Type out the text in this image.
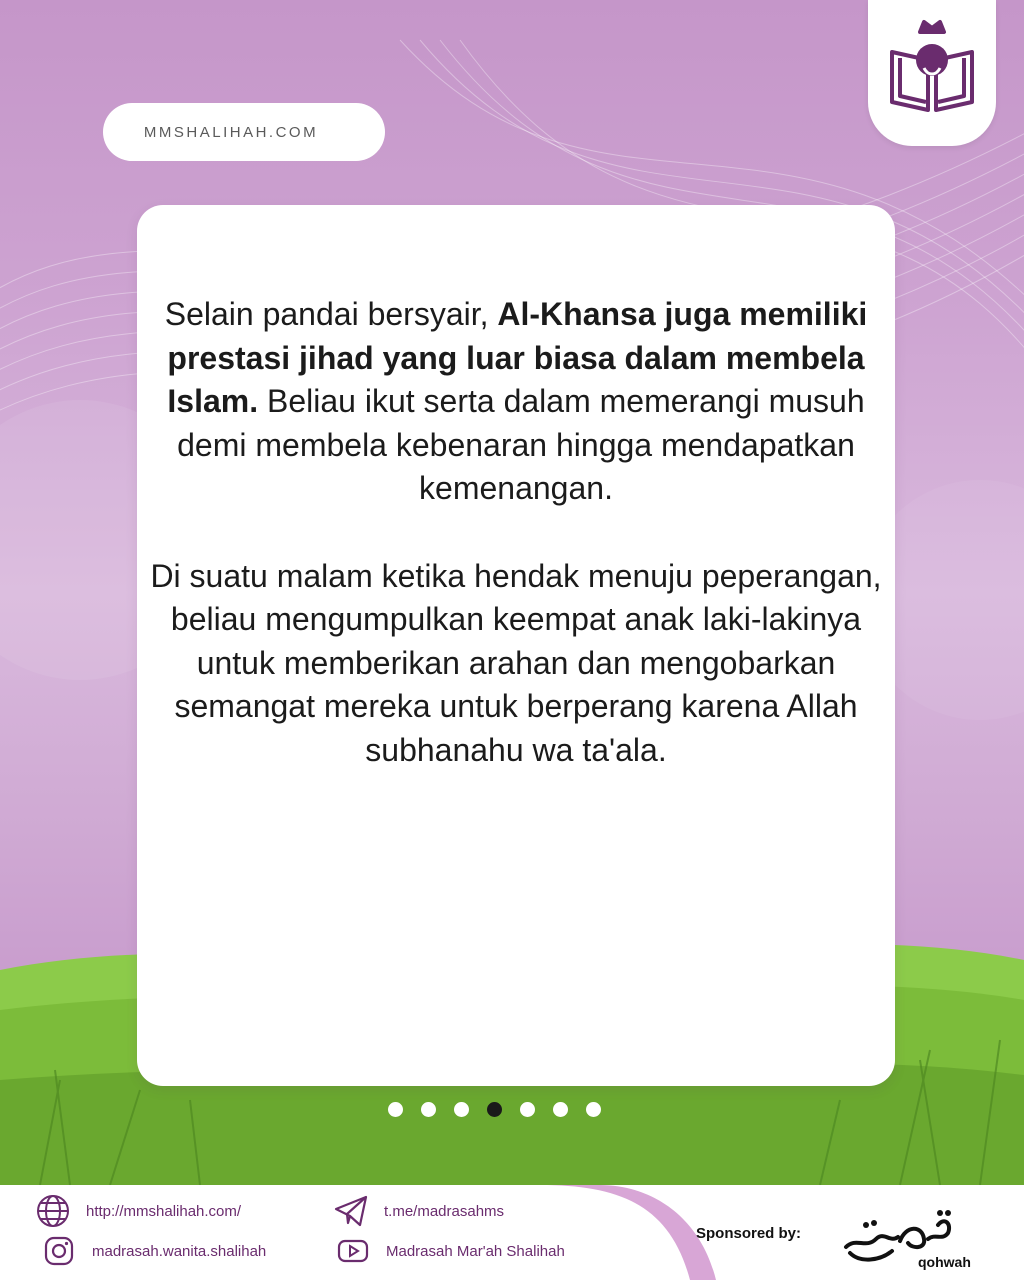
MMSHALIHAH.COM

Selain pandai bersyair, Al-Khansa juga memiliki prestasi jihad yang luar biasa dalam membela Islam. Beliau ikut serta dalam memerangi musuh demi membela kebenaran hingga mendapatkan kemenangan.

Di suatu malam ketika hendak menuju peperangan, beliau mengumpulkan keempat anak laki-lakinya untuk memberikan arahan dan mengobarkan semangat mereka untuk berperang karena Allah subhanahu wa ta'ala.

http://mmshalihah.com/
madrasah.wanita.shalihah
t.me/madrasahms
Madrasah Mar'ah Shalihah
Sponsored by:
qohwah
